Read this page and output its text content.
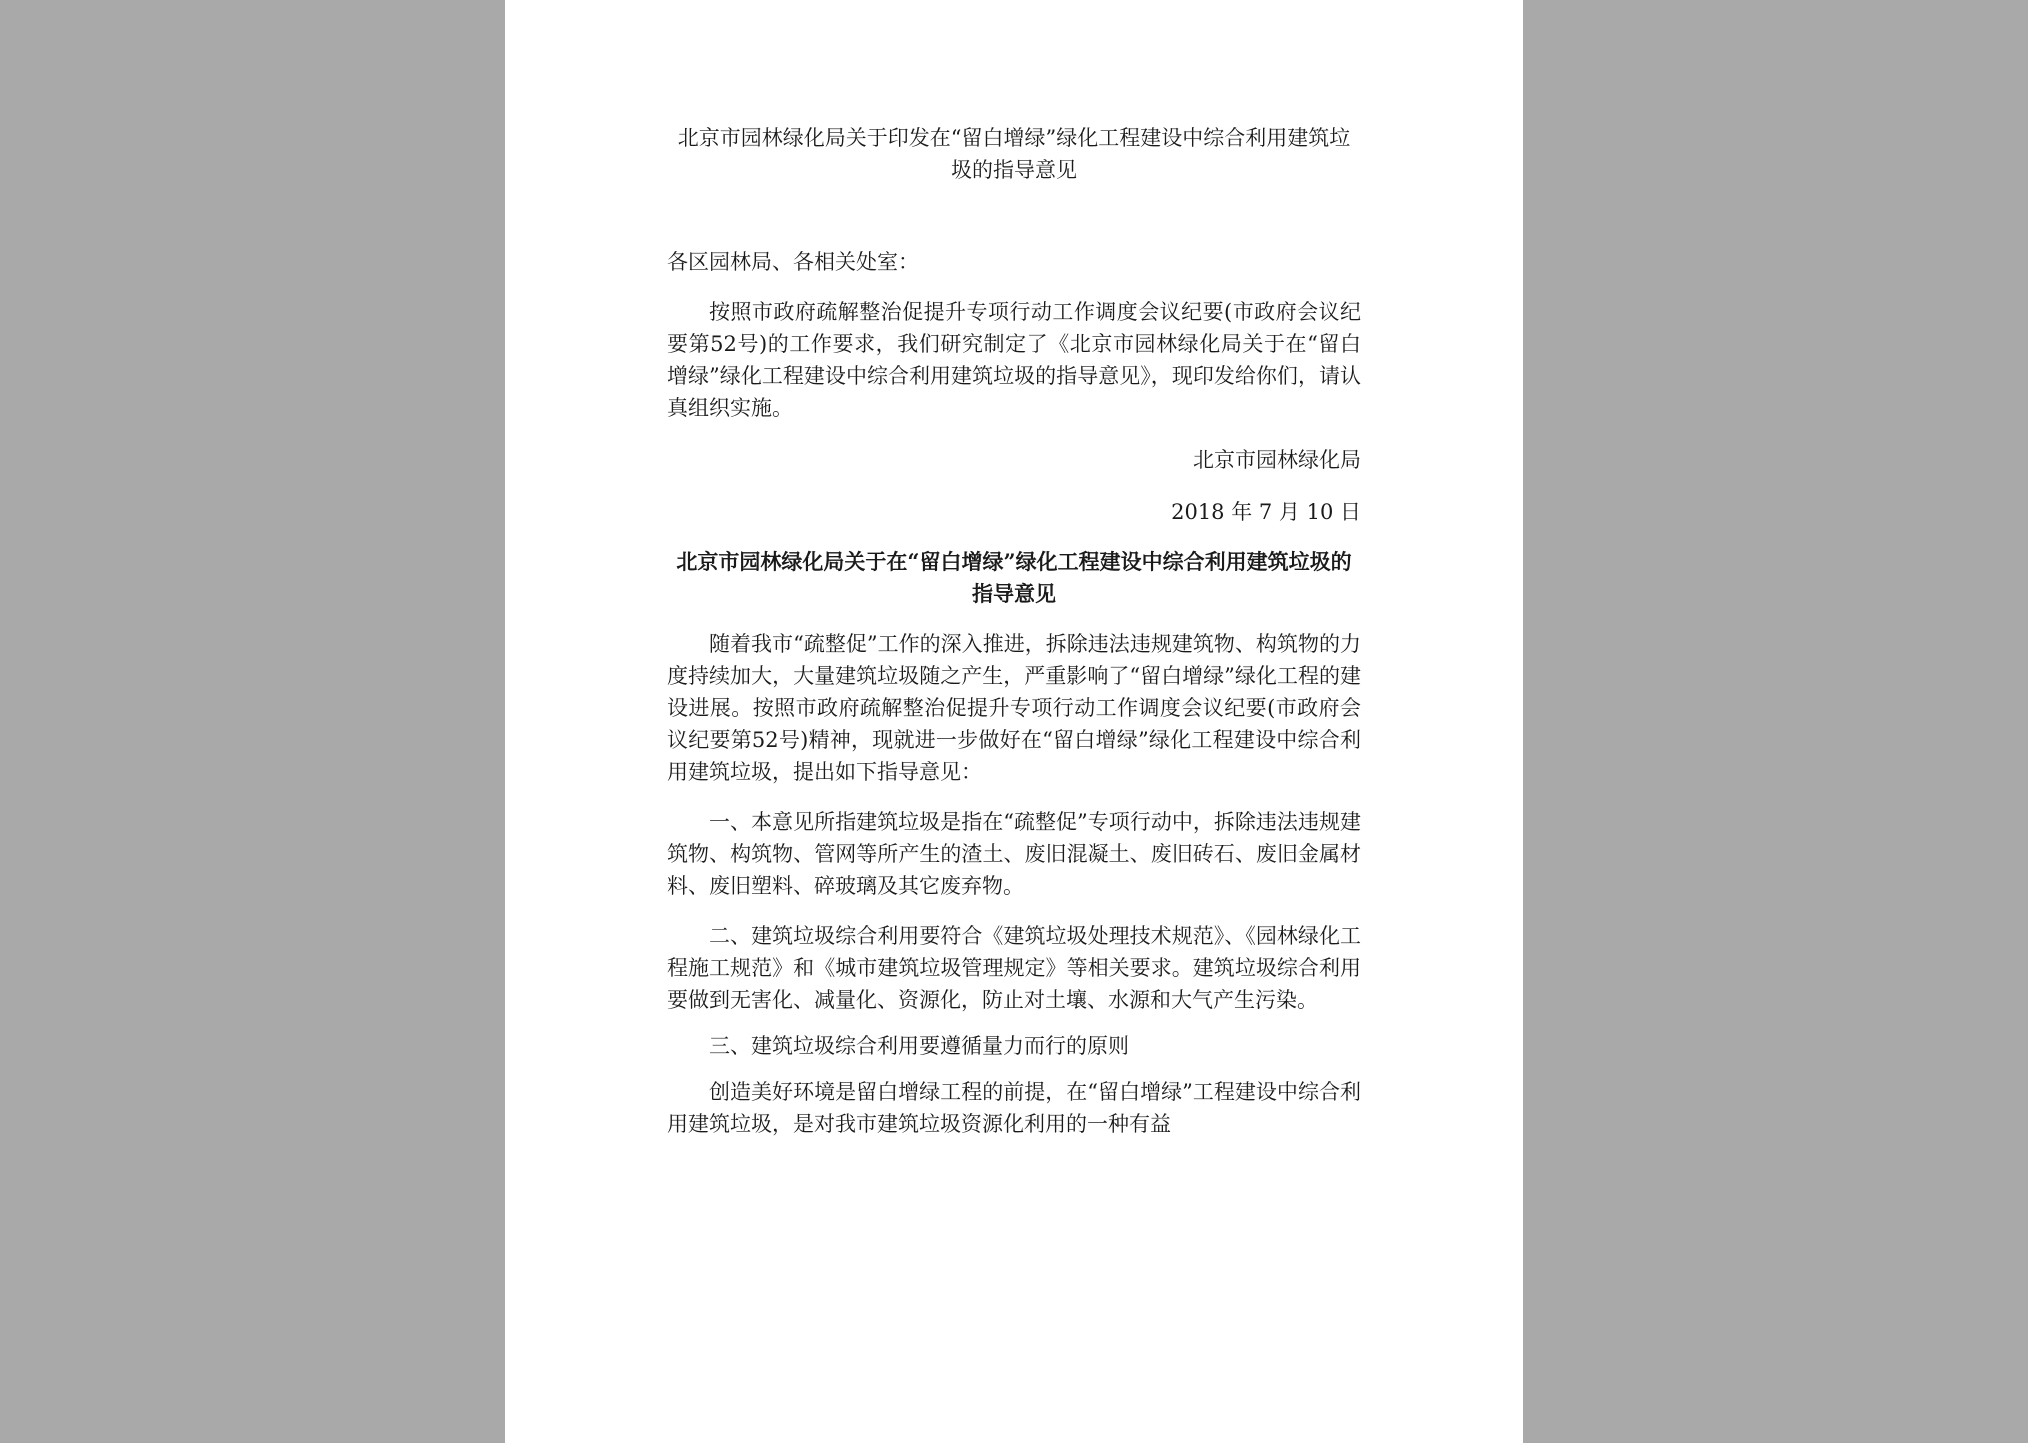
北京市园林绿化局关于印发在“留白增绿”绿化工程建设中综合利用建筑垃圾的指导意见

各区园林局、各相关处室：

按照市政府疏解整治促提升专项行动工作调度会议纪要(市政府会议纪要第52号)的工作要求，我们研究制定了《北京市园林绿化局关于在“留白增绿”绿化工程建设中综合利用建筑垃圾的指导意见》，现印发给你们，请认真组织实施。

北京市园林绿化局

2018 年 7 月 10 日

北京市园林绿化局关于在“留白增绿”绿化工程建设中综合利用建筑垃圾的指导意见

随着我市“疏整促”工作的深入推进，拆除违法违规建筑物、构筑物的力度持续加大，大量建筑垃圾随之产生，严重影响了“留白增绿”绿化工程的建设进展。按照市政府疏解整治促提升专项行动工作调度会议纪要(市政府会议纪要第52号)精神，现就进一步做好在“留白增绿”绿化工程建设中综合利用建筑垃圾，提出如下指导意见：

一、本意见所指建筑垃圾是指在“疏整促”专项行动中，拆除违法违规建筑物、构筑物、管网等所产生的渣土、废旧混凝土、废旧砖石、废旧金属材料、废旧塑料、碎玻璃及其它废弃物。

二、建筑垃圾综合利用要符合《建筑垃圾处理技术规范》、《园林绿化工程施工规范》和《城市建筑垃圾管理规定》等相关要求。建筑垃圾综合利用要做到无害化、减量化、资源化，防止对土壤、水源和大气产生污染。

三、建筑垃圾综合利用要遵循量力而行的原则

创造美好环境是留白增绿工程的前提，在“留白增绿”工程建设中综合利用建筑垃圾，是对我市建筑垃圾资源化利用的一种有益
